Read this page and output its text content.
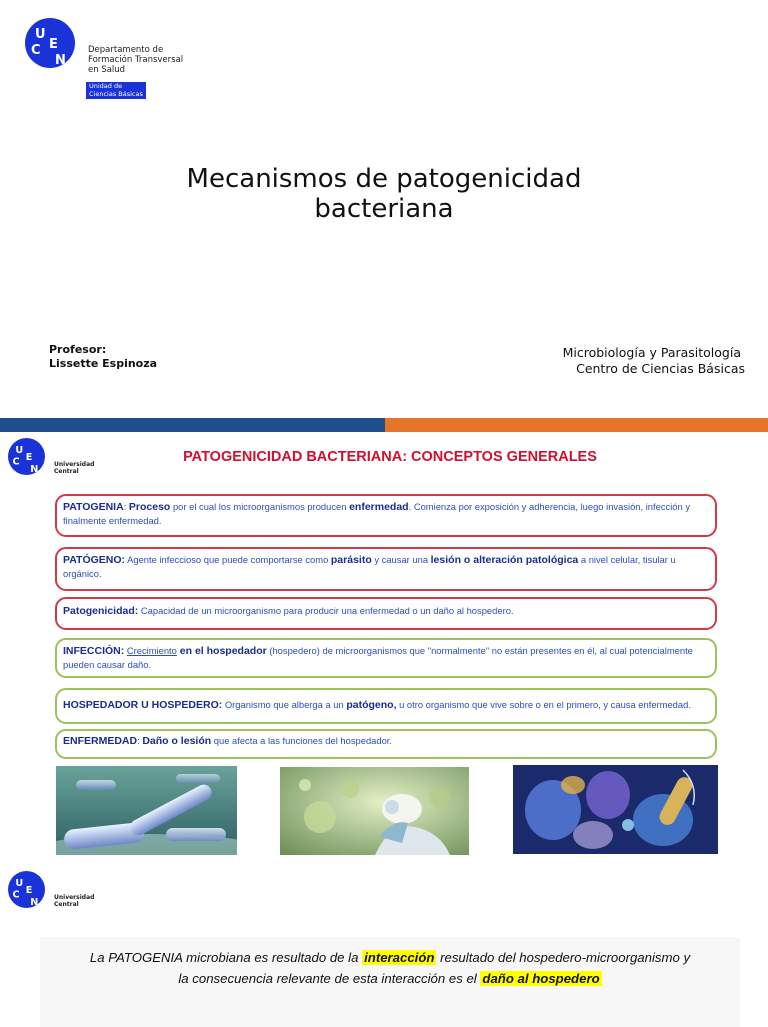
U
C E
N
Departamento de
Formación Transversal
en Salud
Unidad de
Ciencias Básicas
Mecanismos de patogenicidad
bacteriana
Profesor:
Lissette Espinoza
Microbiología y Parasitología
Centro de Ciencias Básicas
U
C E
N	Universidad
Central
PATOGENICIDAD BACTERIANA: CONCEPTOS GENERALES
PATOGENIA: Proceso por el cual los microorganismos producen enfermedad. Comienza por exposición y adherencia, luego invasión, infección y finalmente enfermedad.
PATÓGENO: Agente infeccioso que puede comportarse como parásito y causar una lesión o alteración patológica a nivel celular, tisular u orgánico.
Patogenicidad: Capacidad de un microorganismo para producir una enfermedad o un daño al hospedero.
INFECCIÓN: Crecimiento en el hospedador (hospedero) de microorganismos que "normalmente" no están presentes en él, al cual potencialmente pueden causar daño.
HOSPEDADOR U HOSPEDERO: Organismo que alberga a un patógeno, u otro organismo que vive sobre o en el primero, y causa enfermedad.
ENFERMEDAD: Daño o lesión que afecta a las funciones del hospedador.
U
C E
N	Universidad
Central
La PATOGENIA microbiana es resultado de la interacción resultado del hospedero-microorganismo y
la consecuencia relevante de esta interacción es el daño al hospedero
